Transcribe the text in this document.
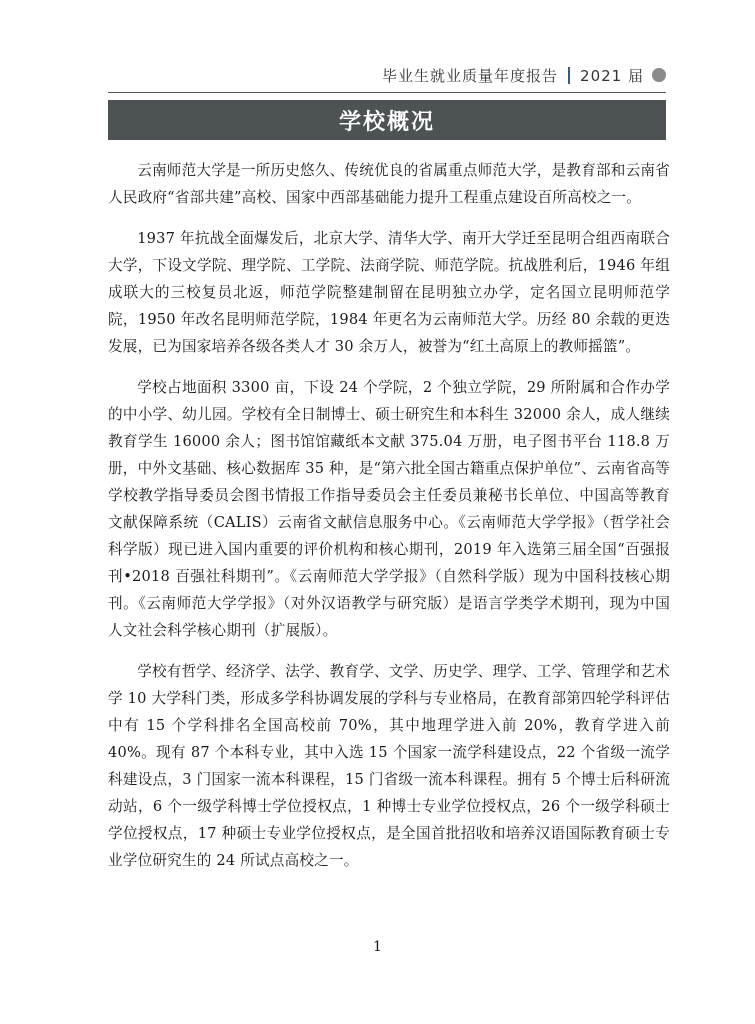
毕业生就业质量年度报告 2021 届
学校概况

云南师范大学是一所历史悠久、传统优良的省属重点师范大学，是教育部和云南省人民政府“省部共建”高校、国家中西部基础能力提升工程重点建设百所高校之一。

1937 年抗战全面爆发后，北京大学、清华大学、南开大学迁至昆明合组西南联合大学，下设文学院、理学院、工学院、法商学院、师范学院。抗战胜利后，1946 年组成联大的三校复员北返，师范学院整建制留在昆明独立办学，定名国立昆明师范学院，1950 年改名昆明师范学院，1984 年更名为云南师范大学。历经 80 余载的更迭发展，已为国家培养各级各类人才 30 余万人，被誉为“红土高原上的教师摇篮”。

学校占地面积 3300 亩，下设 24 个学院，2 个独立学院，29 所附属和合作办学的中小学、幼儿园。学校有全日制博士、硕士研究生和本科生 32000 余人，成人继续教育学生 16000 余人；图书馆馆藏纸本文献 375.04 万册，电子图书平台 118.8 万册，中外文基础、核心数据库 35 种，是“第六批全国古籍重点保护单位”、云南省高等学校教学指导委员会图书情报工作指导委员会主任委员兼秘书长单位、中国高等教育文献保障系统（CALIS）云南省文献信息服务中心。《云南师范大学学报》（哲学社会科学版）现已进入国内重要的评价机构和核心期刊，2019 年入选第三届全国“百强报刊•2018 百强社科期刊”。《云南师范大学学报》（自然科学版）现为中国科技核心期刊。《云南师范大学学报》（对外汉语教学与研究版）是语言学类学术期刊，现为中国人文社会科学核心期刊（扩展版）。

学校有哲学、经济学、法学、教育学、文学、历史学、理学、工学、管理学和艺术学 10 大学科门类，形成多学科协调发展的学科与专业格局，在教育部第四轮学科评估中有 15 个学科排名全国高校前 70%，其中地理学进入前 20%，教育学进入前 40%。现有 87 个本科专业，其中入选 15 个国家一流学科建设点，22 个省级一流学科建设点，3 门国家一流本科课程，15 门省级一流本科课程。拥有 5 个博士后科研流动站，6 个一级学科博士学位授权点，1 种博士专业学位授权点，26 个一级学科硕士学位授权点，17 种硕士专业学位授权点，是全国首批招收和培养汉语国际教育硕士专业学位研究生的 24 所试点高校之一。

1
